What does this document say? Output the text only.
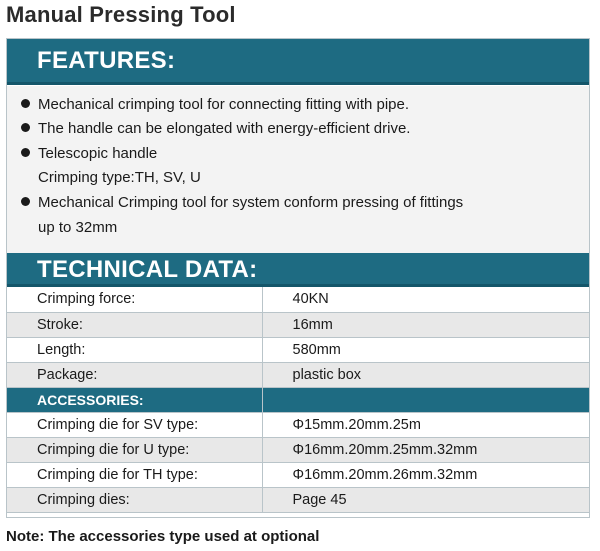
Manual Pressing Tool
FEATURES:
Mechanical crimping tool for connecting fitting with pipe.
The handle can be elongated with energy-efficient drive.
Telescopic handle
Crimping type:TH, SV, U
Mechanical Crimping tool for system conform pressing of fittings
up to 32mm
TECHNICAL DATA:
Crimping force:	40KN
Stroke:	16mm
Length:	580mm
Package:	plastic box
ACCESSORIES:	
Crimping die for SV type:	Φ15mm.20mm.25m
Crimping die for U type:	Φ16mm.20mm.25mm.32mm
Crimping die for TH type:	Φ16mm.20mm.26mm.32mm
Crimping dies:	Page 45
Note: The accessories type used at optional
